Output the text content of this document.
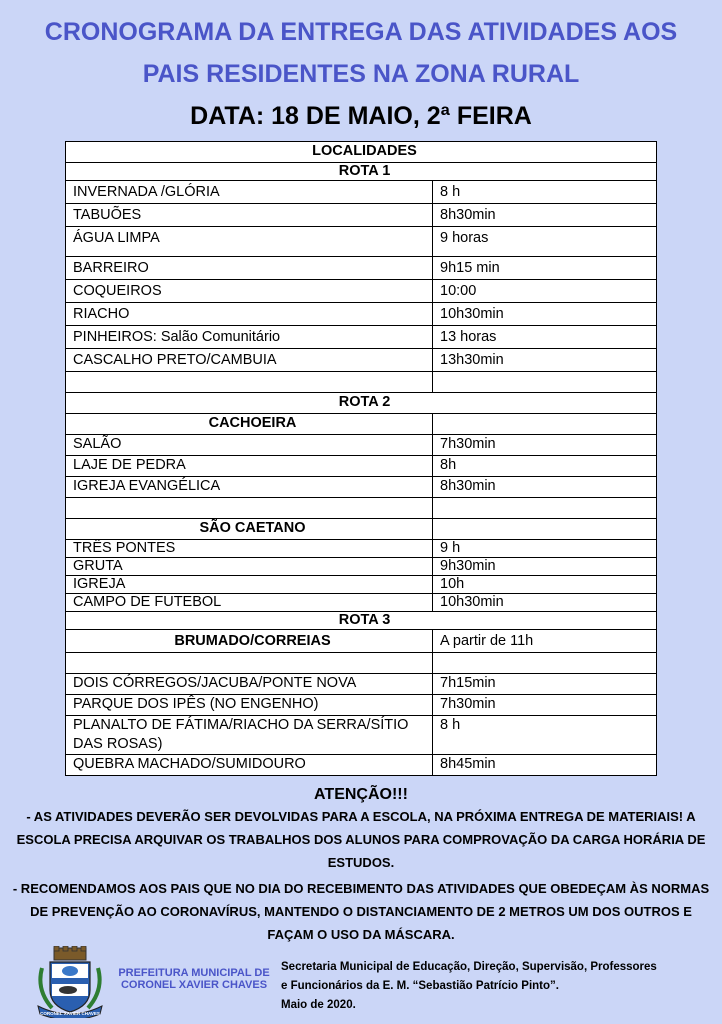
CRONOGRAMA DA ENTREGA DAS ATIVIDADES AOS
PAIS RESIDENTES NA ZONA RURAL
DATA: 18 DE MAIO, 2ª FEIRA
LOCALIDADES	
ROTA 1	
INVERNADA /GLÓRIA	8 h
TABUÕES	8h30min
ÁGUA LIMPA	9 horas
BARREIRO	9h15 min
COQUEIROS	10:00
RIACHO	10h30min
PINHEIROS: Salão Comunitário	13 horas
CASCALHO PRETO/CAMBUIA	13h30min

ROTA 2	
CACHOEIRA	
SALÃO	7h30min
LAJE DE PEDRA	8h
IGREJA EVANGÉLICA	8h30min

SÃO CAETANO	
TRÊS PONTES	9 h
GRUTA	9h30min
IGREJA	10h
CAMPO DE FUTEBOL	10h30min
ROTA 3	
BRUMADO/CORREIAS	A partir de 11h

DOIS CÓRREGOS/JACUBA/PONTE NOVA	7h15min
PARQUE DOS IPÊS (NO ENGENHO)	7h30min
PLANALTO DE FÁTIMA/RIACHO DA SERRA/SÍTIO DAS ROSAS)	8 h
QUEBRA MACHADO/SUMIDOURO	8h45min
ATENÇÃO!!!
- AS ATIVIDADES DEVERÃO SER DEVOLVIDAS PARA A ESCOLA, NA PRÓXIMA ENTREGA DE MATERIAIS! A ESCOLA PRECISA ARQUIVAR OS TRABALHOS DOS ALUNOS PARA COMPROVAÇÃO DA CARGA HORÁRIA DE ESTUDOS.
- RECOMENDAMOS AOS PAIS QUE NO DIA DO RECEBIMENTO DAS ATIVIDADES QUE OBEDEÇAM ÀS NORMAS DE PREVENÇÃO AO CORONAVÍRUS, MANTENDO O DISTANCIAMENTO DE 2 METROS UM DOS OUTROS E FAÇAM O USO DA MÁSCARA.
CORONEL XAVIER CHAVES
PREFEITURA MUNICIPAL DE
CORONEL XAVIER CHAVES
Secretaria Municipal de Educação, Direção, Supervisão, Professores
e Funcionários da E. M. “Sebastião Patrício Pinto”.
Maio de 2020.
